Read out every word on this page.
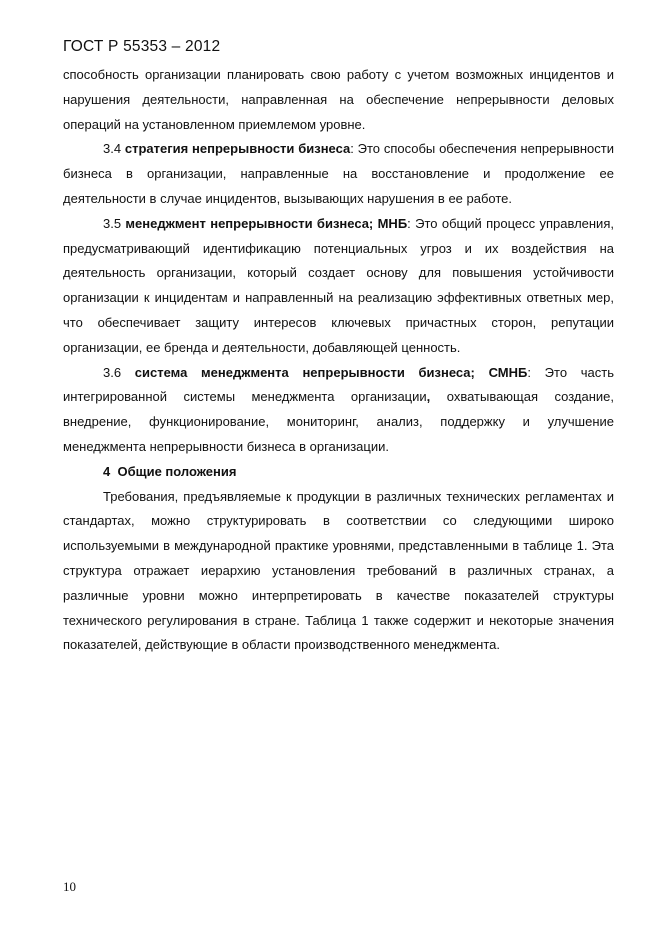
ГОСТ Р 55353 – 2012

способность организации планировать свою работу с учетом возможных инцидентов и нарушения деятельности, направленная на обеспечение непрерывности деловых операций на установленном приемлемом уровне.

3.4 стратегия непрерывности бизнеса: Это способы обеспечения непрерывности бизнеса в организации, направленные на восстановление и продолжение ее деятельности в случае инцидентов, вызывающих нарушения в ее работе.

3.5 менеджмент непрерывности бизнеса; МНБ: Это общий процесс управления, предусматривающий идентификацию потенциальных угроз и их воздействия на деятельность организации, который создает основу для повышения устойчивости организации к инцидентам и направленный на реализацию эффективных ответных мер, что обеспечивает защиту интересов ключевых причастных сторон, репутации организации, ее бренда и деятельности, добавляющей ценность.

3.6 система менеджмента непрерывности бизнеса; СМНБ: Это часть интегрированной системы менеджмента организации, охватывающая создание, внедрение, функционирование, мониторинг, анализ, поддержку и улучшение менеджмента непрерывности бизнеса в организации.

4 Общие положения

Требования, предъявляемые к продукции в различных технических регламентах и стандартах, можно структурировать в соответствии со следующими широко используемыми в международной практике уровнями, представленными в таблице 1. Эта структура отражает иерархию установления требований в различных странах, а различные уровни можно интерпретировать в качестве показателей структуры технического регулирования в стране. Таблица 1 также содержит и некоторые значения показателей, действующие в области производственного менеджмента.

10
